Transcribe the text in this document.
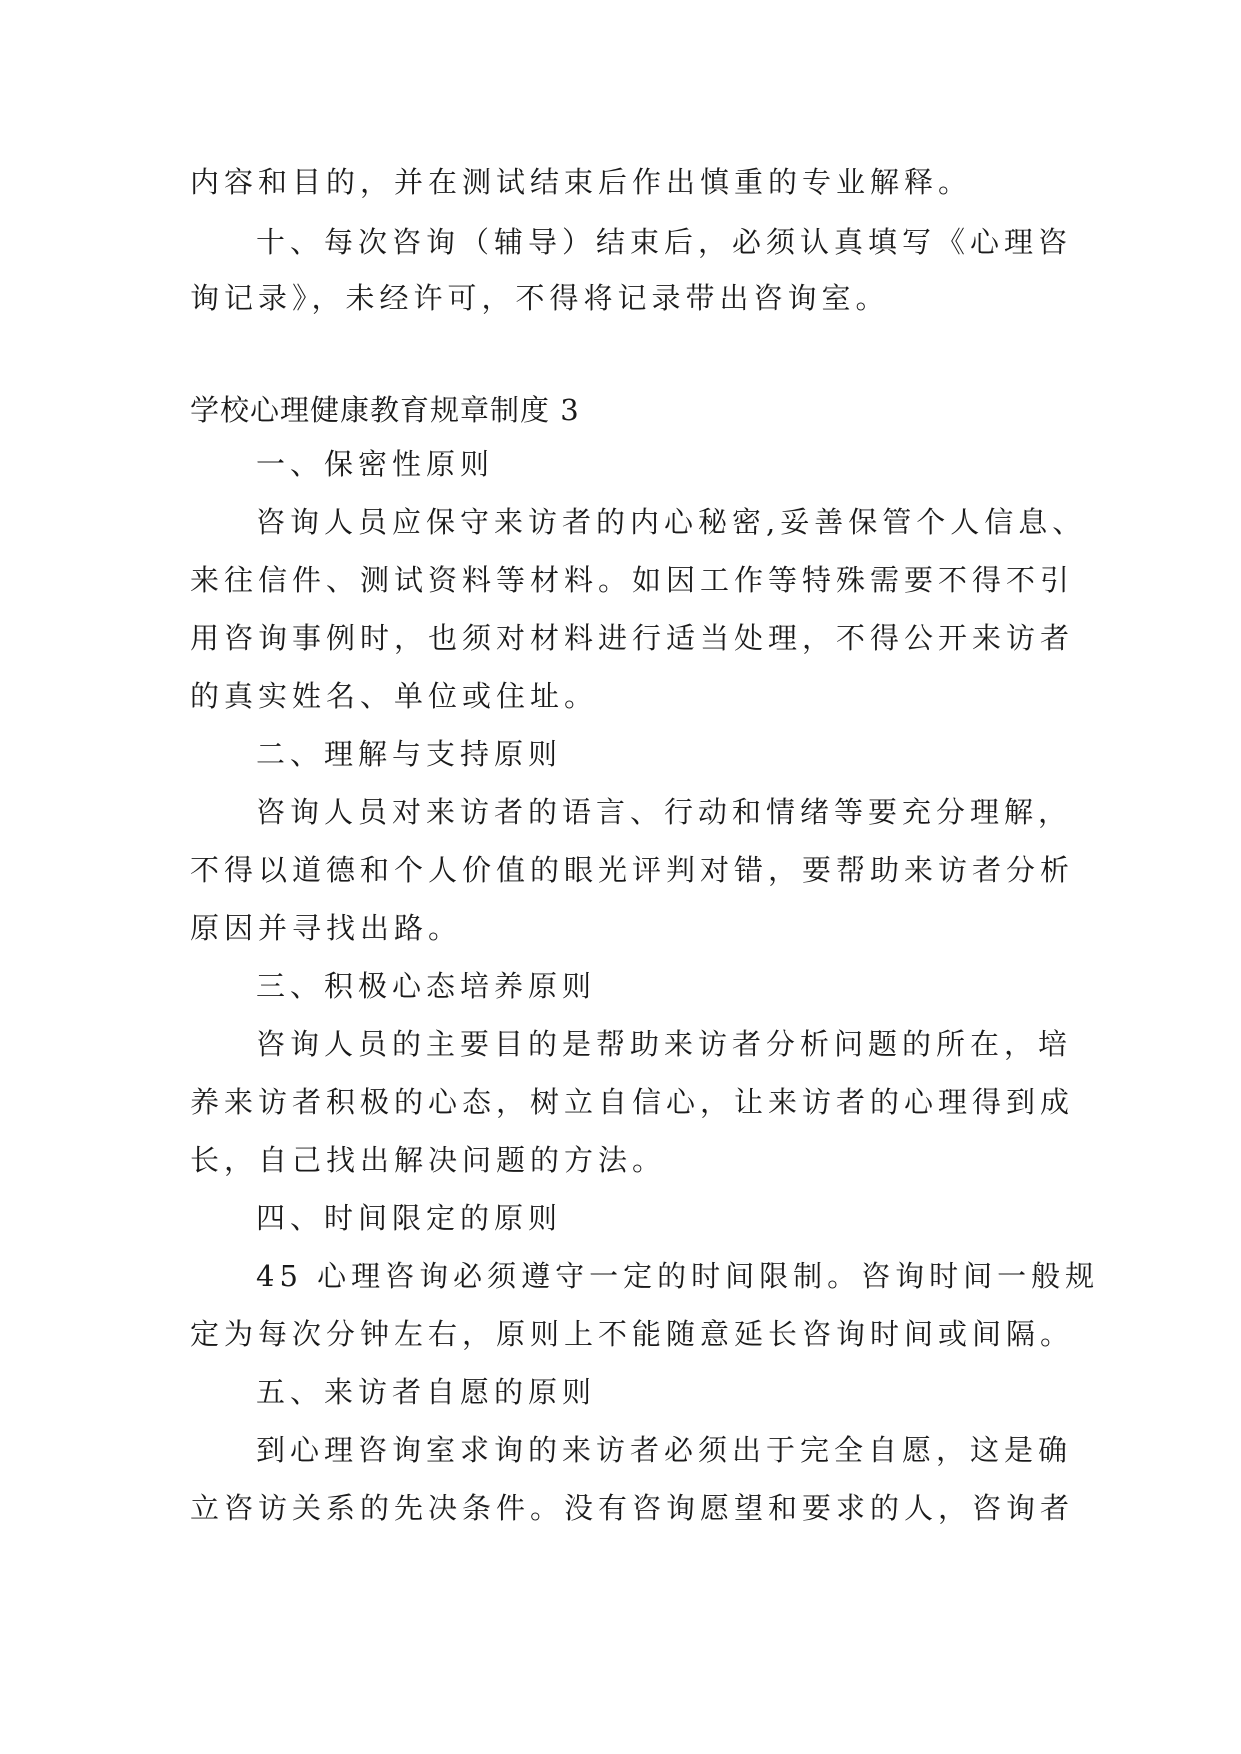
内容和目的，并在测试结束后作出慎重的专业解释。
十、每次咨询（辅导）结束后，必须认真填写《心理咨
询记录》，未经许可，不得将记录带出咨询室。
学校心理健康教育规章制度 3
一、保密性原则
咨询人员应保守来访者的内心秘密,妥善保管个人信息、
来往信件、测试资料等材料。如因工作等特殊需要不得不引
用咨询事例时，也须对材料进行适当处理，不得公开来访者
的真实姓名、单位或住址。
二、理解与支持原则
咨询人员对来访者的语言、行动和情绪等要充分理解，
不得以道德和个人价值的眼光评判对错，要帮助来访者分析
原因并寻找出路。
三、积极心态培养原则
咨询人员的主要目的是帮助来访者分析问题的所在，培
养来访者积极的心态，树立自信心，让来访者的心理得到成
长，自己找出解决问题的方法。
四、时间限定的原则
45 心理咨询必须遵守一定的时间限制。咨询时间一般规
定为每次分钟左右，原则上不能随意延长咨询时间或间隔。
五、来访者自愿的原则
到心理咨询室求询的来访者必须出于完全自愿，这是确
立咨访关系的先决条件。没有咨询愿望和要求的人，咨询者
